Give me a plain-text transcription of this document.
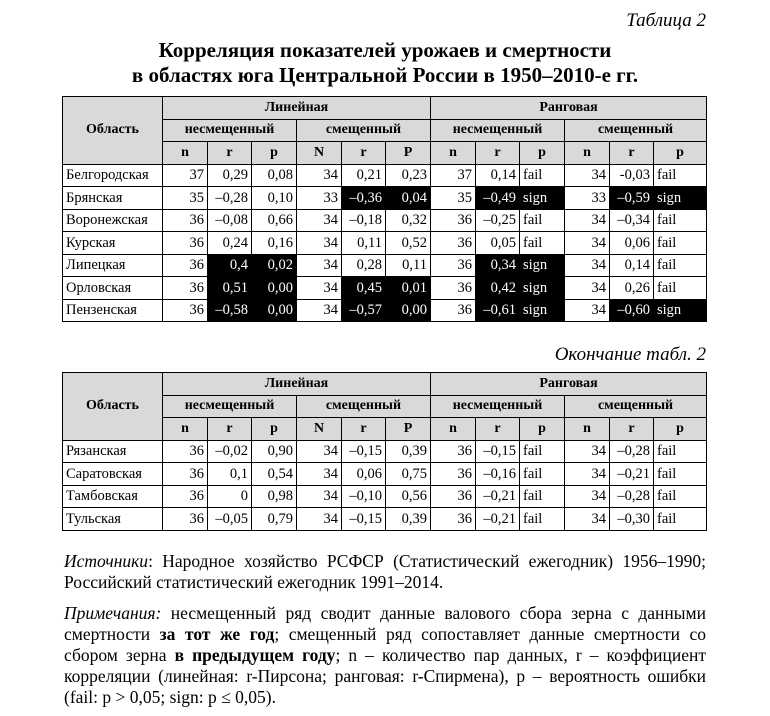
Таблица 2
Корреляция показателей урожаев и смертности
в областях юга Центральной России в 1950–2010-е гг.
Область	Линейная						Ранговая					
	несмещенный			смещенный			несмещенный			смещенный		
	n	r	p	N	r	P	n	r	p	n	r	p
Белгородская	37	0,29	0,08	34	0,21	0,23	37	0,14	fail	34	-0,03	fail
Брянская	35	–0,28	0,10	33	–0,36	0,04	35	–0,49	sign	33	–0,59	sign
Воронежская	36	–0,08	0,66	34	–0,18	0,32	36	–0,25	fail	34	–0,34	fail
Курская	36	0,24	0,16	34	0,11	0,52	36	0,05	fail	34	0,06	fail
Липецкая	36	0,4	0,02	34	0,28	0,11	36	0,34	sign	34	0,14	fail
Орловская	36	0,51	0,00	34	0,45	0,01	36	0,42	sign	34	0,26	fail
Пензенская	36	–0,58	0,00	34	–0,57	0,00	36	–0,61	sign	34	–0,60	sign
Окончание табл. 2
Область	Линейная						Ранговая					
	несмещенный			смещенный			несмещенный			смещенный		
	n	r	p	N	r	P	n	r	p	n	r	p
Рязанская	36	–0,02	0,90	34	–0,15	0,39	36	–0,15	fail	34	–0,28	fail
Саратовская	36	0,1	0,54	34	0,06	0,75	36	–0,16	fail	34	–0,21	fail
Тамбовская	36	0	0,98	34	–0,10	0,56	36	–0,21	fail	34	–0,28	fail
Тульская	36	–0,05	0,79	34	–0,15	0,39	36	–0,21	fail	34	–0,30	fail
Источники: Народное хозяйство РСФСР (Статистический ежегодник) 1956–1990; Российский статистический ежегодник 1991–2014.
Примечания: несмещенный ряд сводит данные валового сбора зерна с данными смертности за тот же год; смещенный ряд сопоставляет данные смертности со сбором зерна в предыдущем году; n – количество пар данных, r – коэффициент корреляции (линейная: r-Пирсона; ранговая: r-Спирмена), p – вероятность ошибки (fail: p > 0,05; sign: p ≤ 0,05).
